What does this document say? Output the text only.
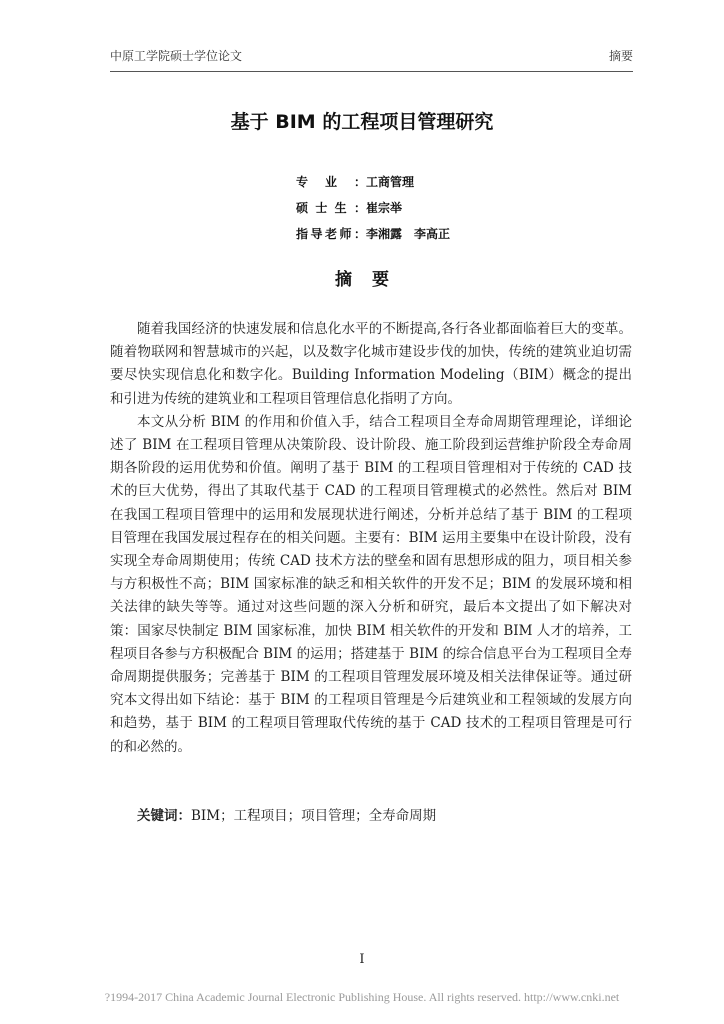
中原工学院硕士学位论文	摘要
基于 BIM 的工程项目管理研究
专业：工商管理
硕士生：崔宗举
指导老师：李湘露　李高正
摘要

随着我国经济的快速发展和信息化水平的不断提高,各行各业都面临着巨大的变革。随着物联网和智慧城市的兴起，以及数字化城市建设步伐的加快，传统的建筑业迫切需要尽快实现信息化和数字化。Building Information Modeling（BIM）概念的提出和引进为传统的建筑业和工程项目管理信息化指明了方向。

本文从分析 BIM 的作用和价值入手，结合工程项目全寿命周期管理理论，详细论述了 BIM 在工程项目管理从决策阶段、设计阶段、施工阶段到运营维护阶段全寿命周期各阶段的运用优势和价值。阐明了基于 BIM 的工程项目管理相对于传统的 CAD 技术的巨大优势，得出了其取代基于 CAD 的工程项目管理模式的必然性。然后对 BIM 在我国工程项目管理中的运用和发展现状进行阐述，分析并总结了基于 BIM 的工程项目管理在我国发展过程存在的相关问题。主要有：BIM 运用主要集中在设计阶段，没有实现全寿命周期使用；传统 CAD 技术方法的壁垒和固有思想形成的阻力，项目相关参与方积极性不高；BIM 国家标准的缺乏和相关软件的开发不足；BIM 的发展环境和相关法律的缺失等等。通过对这些问题的深入分析和研究，最后本文提出了如下解决对策：国家尽快制定 BIM 国家标准，加快 BIM 相关软件的开发和 BIM 人才的培养，工程项目各参与方积极配合 BIM 的运用；搭建基于 BIM 的综合信息平台为工程项目全寿命周期提供服务；完善基于 BIM 的工程项目管理发展环境及相关法律保证等。通过研究本文得出如下结论：基于 BIM 的工程项目管理是今后建筑业和工程领域的发展方向和趋势，基于 BIM 的工程项目管理取代传统的基于 CAD 技术的工程项目管理是可行的和必然的。

关键词：BIM；工程项目；项目管理；全寿命周期
I
?1994-2017 China Academic Journal Electronic Publishing House. All rights reserved. http://www.cnki.net
